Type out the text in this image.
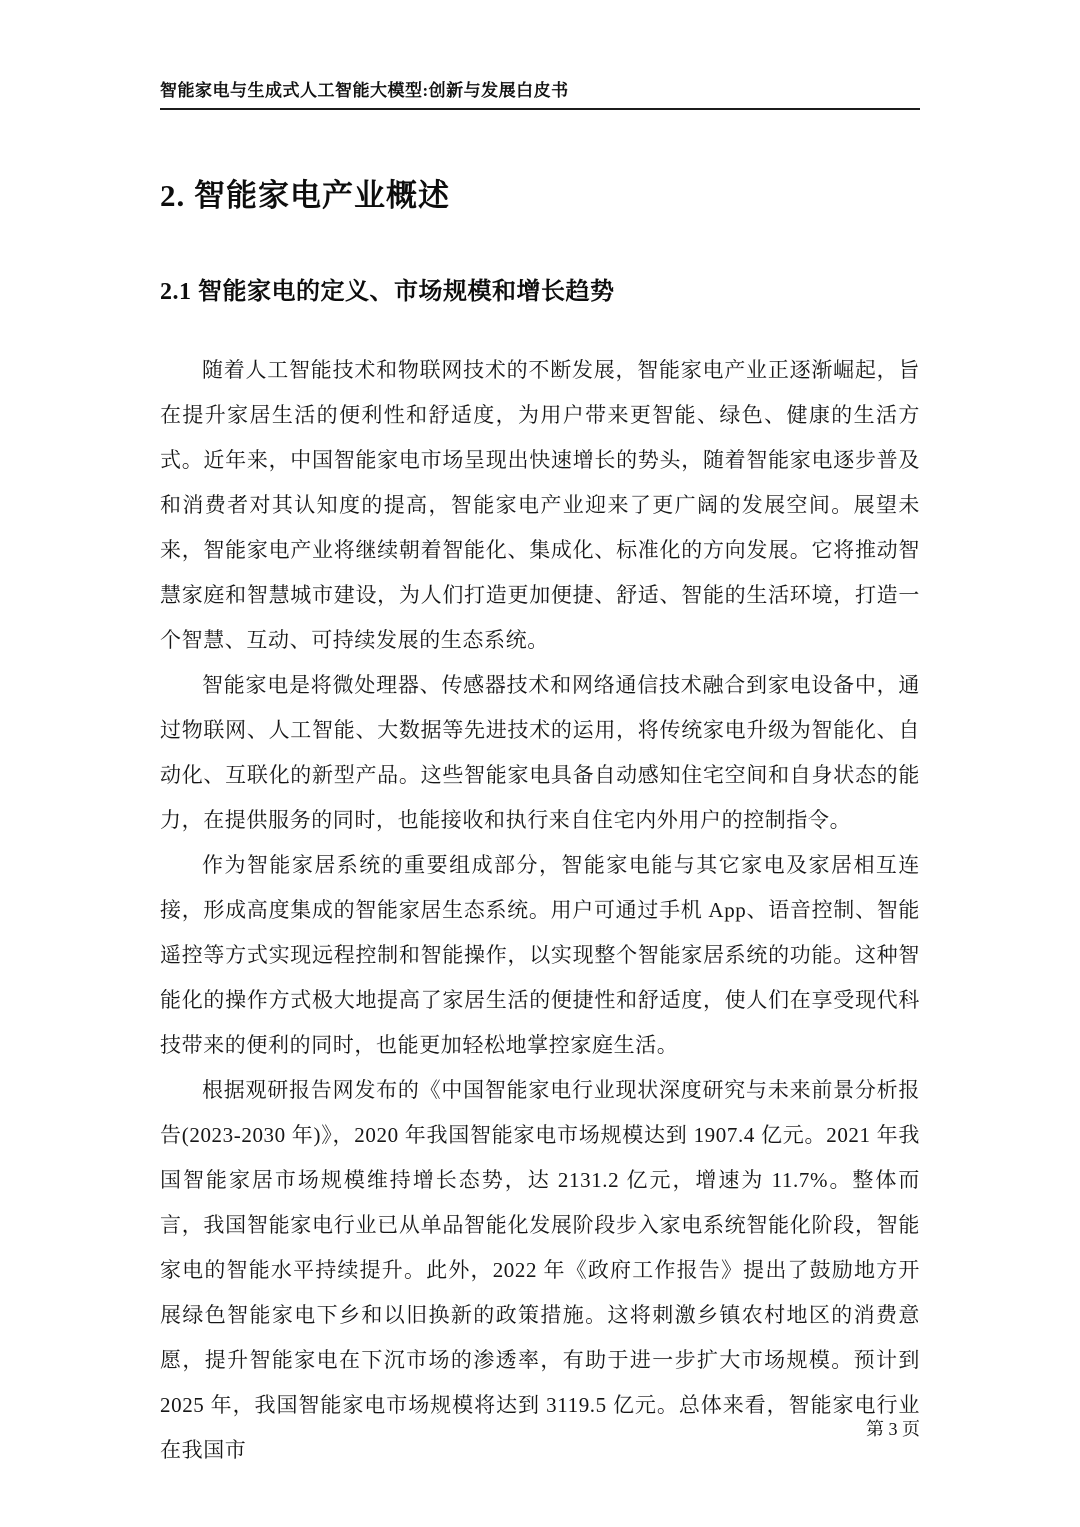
智能家电与生成式人工智能大模型:创新与发展白皮书
2. 智能家电产业概述
2.1 智能家电的定义、市场规模和增长趋势

随着人工智能技术和物联网技术的不断发展，智能家电产业正逐渐崛起，旨在提升家居生活的便利性和舒适度，为用户带来更智能、绿色、健康的生活方式。近年来，中国智能家电市场呈现出快速增长的势头，随着智能家电逐步普及和消费者对其认知度的提高，智能家电产业迎来了更广阔的发展空间。展望未来，智能家电产业将继续朝着智能化、集成化、标准化的方向发展。它将推动智慧家庭和智慧城市建设，为人们打造更加便捷、舒适、智能的生活环境，打造一个智慧、互动、可持续发展的生态系统。

智能家电是将微处理器、传感器技术和网络通信技术融合到家电设备中，通过物联网、人工智能、大数据等先进技术的运用，将传统家电升级为智能化、自动化、互联化的新型产品。这些智能家电具备自动感知住宅空间和自身状态的能力，在提供服务的同时，也能接收和执行来自住宅内外用户的控制指令。

作为智能家居系统的重要组成部分，智能家电能与其它家电及家居相互连接，形成高度集成的智能家居生态系统。用户可通过手机 App、语音控制、智能遥控等方式实现远程控制和智能操作，以实现整个智能家居系统的功能。这种智能化的操作方式极大地提高了家居生活的便捷性和舒适度，使人们在享受现代科技带来的便利的同时，也能更加轻松地掌控家庭生活。

根据观研报告网发布的《中国智能家电行业现状深度研究与未来前景分析报告(2023-2030 年)》，2020 年我国智能家电市场规模达到 1907.4 亿元。2021 年我国智能家居市场规模维持增长态势，达 2131.2 亿元，增速为 11.7%。整体而言，我国智能家电行业已从单品智能化发展阶段步入家电系统智能化阶段，智能家电的智能水平持续提升。此外，2022 年《政府工作报告》提出了鼓励地方开展绿色智能家电下乡和以旧换新的政策措施。这将刺激乡镇农村地区的消费意愿，提升智能家电在下沉市场的渗透率，有助于进一步扩大市场规模。预计到 2025 年，我国智能家电市场规模将达到 3119.5 亿元。总体来看，智能家电行业在我国市

第 3 页
